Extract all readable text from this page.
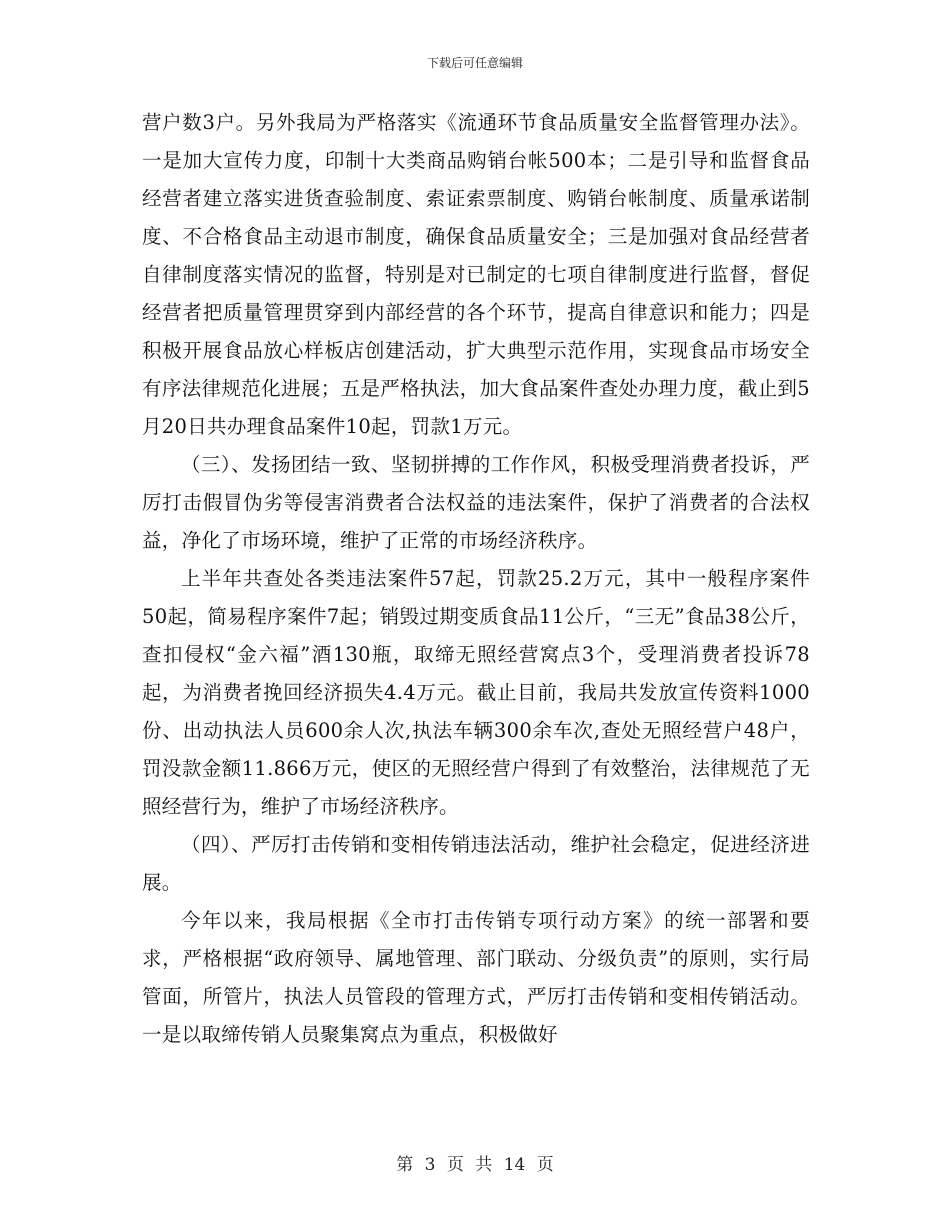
下载后可任意编辑

营户数3户。另外我局为严格落实《流通环节食品质量安全监督管理办法》。一是加大宣传力度，印制十大类商品购销台帐500本；二是引导和监督食品经营者建立落实进货查验制度、索证索票制度、购销台帐制度、质量承诺制度、不合格食品主动退市制度，确保食品质量安全；三是加强对食品经营者自律制度落实情况的监督，特别是对已制定的七项自律制度进行监督，督促经营者把质量管理贯穿到内部经营的各个环节，提高自律意识和能力；四是积极开展食品放心样板店创建活动，扩大典型示范作用，实现食品市场安全有序法律规范化进展；五是严格执法，加大食品案件查处办理力度，截止到5月20日共办理食品案件10起，罚款1万元。

（三）、发扬团结一致、坚韧拼搏的工作作风，积极受理消费者投诉，严厉打击假冒伪劣等侵害消费者合法权益的违法案件，保护了消费者的合法权益，净化了市场环境，维护了正常的市场经济秩序。

上半年共查处各类违法案件57起，罚款25.2万元，其中一般程序案件50起，简易程序案件7起；销毁过期变质食品11公斤，“三无”食品38公斤，查扣侵权“金六福”酒130瓶，取缔无照经营窝点3个，受理消费者投诉78起，为消费者挽回经济损失4.4万元。截止目前，我局共发放宣传资料1000份、出动执法人员600余人次,执法车辆300余车次,查处无照经营户48户，罚没款金额11.866万元，使区的无照经营户得到了有效整治，法律规范了无照经营行为，维护了市场经济秩序。

（四）、严厉打击传销和变相传销违法活动，维护社会稳定，促进经济进展。

今年以来，我局根据《全市打击传销专项行动方案》的统一部署和要求，严格根据“政府领导、属地管理、部门联动、分级负责”的原则，实行局管面，所管片，执法人员管段的管理方式，严厉打击传销和变相传销活动。一是以取缔传销人员聚集窝点为重点，积极做好

第 3 页 共 14 页
